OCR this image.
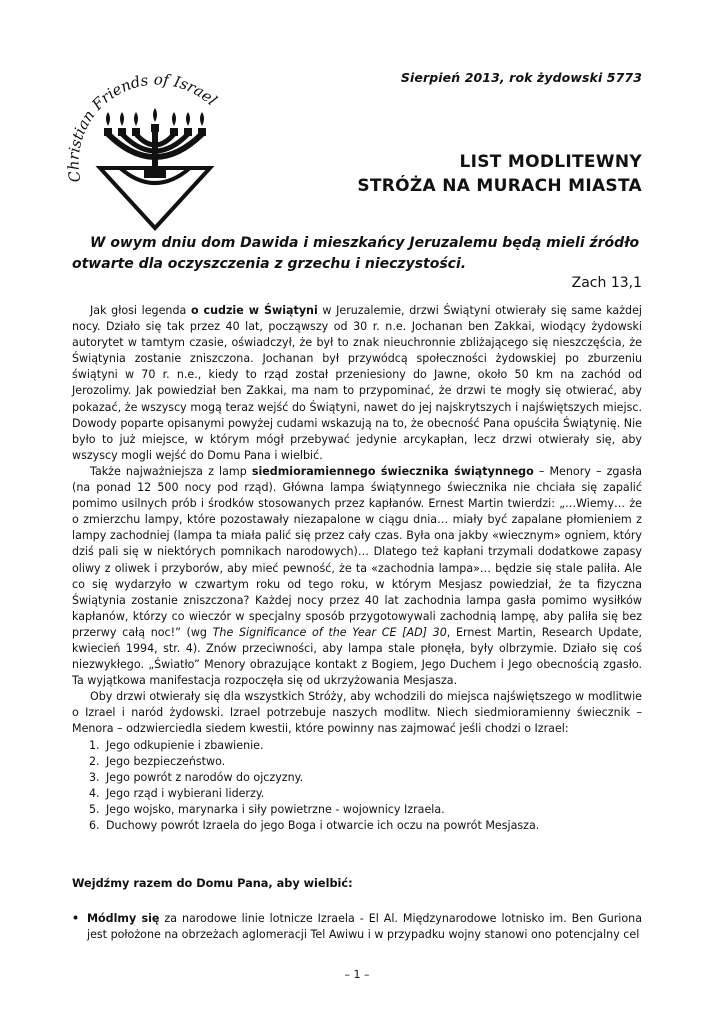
Christian Friends of Israel
Sierpień 2013, rok żydowski 5773
LIST MODLITEWNY
STRÓŻA NA MURACH MIASTA

W owym dniu dom Dawida i mieszkańcy Jeruzalemu będą mieli źródło otwarte dla oczyszczenia z grzechu i nieczystości.

Zach 13,1

Jak głosi legenda o cudzie w Świątyni w Jeruzalemie, drzwi Świątyni otwierały się same każdej nocy. Działo się tak przez 40 lat, począwszy od 30 r. n.e. Jochanan ben Zakkai, wiodący żydowski autorytet w tamtym czasie, oświadczył, że był to znak nieuchronnie zbliżającego się nieszczęścia, że Świątynia zostanie zniszczona. Jochanan był przywódcą społeczności żydowskiej po zburzeniu świątyni w 70 r. n.e., kiedy to rząd został przeniesiony do Jawne, około 50 km na zachód od Jerozolimy. Jak powiedział ben Zakkai, ma nam to przypominać, że drzwi te mogły się otwierać, aby pokazać, że wszyscy mogą teraz wejść do Świątyni, nawet do jej najskrytszych i najświętszych miejsc. Dowody poparte opisanymi powyżej cudami wskazują na to, że obecność Pana opuściła Świątynię. Nie było to już miejsce, w którym mógł przebywać jedynie arcykapłan, lecz drzwi otwierały się, aby wszyscy mogli wejść do Domu Pana i wielbić.

Także najważniejsza z lamp siedmioramiennego świecznika świątynnego – Menory – zgasła (na ponad 12 500 nocy pod rząd). Główna lampa świątynnego świecznika nie chciała się zapalić pomimo usilnych prób i środków stosowanych przez kapłanów. Ernest Martin twierdzi: „…Wiemy… że o zmierzchu lampy, które pozostawały niezapalone w ciągu dnia… miały być zapalane płomieniem z lampy zachodniej (lampa ta miała palić się przez cały czas. Była ona jakby «wiecznym» ogniem, który dziś pali się w niektórych pomnikach narodowych)… Dlatego też kapłani trzymali dodatkowe zapasy oliwy z oliwek i przyborów, aby mieć pewność, że ta «zachodnia lampa»… będzie się stale paliła. Ale co się wydarzyło w czwartym roku od tego roku, w którym Mesjasz powiedział, że ta fizyczna Świątynia zostanie zniszczona? Każdej nocy przez 40 lat zachodnia lampa gasła pomimo wysiłków kapłanów, którzy co wieczór w specjalny sposób przygotowywali zachodnią lampę, aby paliła się bez przerwy całą noc!” (wg The Significance of the Year CE [AD] 30, Ernest Martin, Research Update, kwiecień 1994, str. 4). Znów przeciwności, aby lampa stale płonęła, były olbrzymie. Działo się coś niezwykłego. „Światło” Menory obrazujące kontakt z Bogiem, Jego Duchem i Jego obecnością zgasło. Ta wyjątkowa manifestacja rozpoczęła się od ukrzyżowania Mesjasza.

Oby drzwi otwierały się dla wszystkich Stróży, aby wchodzili do miejsca najświętszego w modlitwie o Izrael i naród żydowski. Izrael potrzebuje naszych modlitw. Niech siedmioramienny świecznik – Menora – odzwierciedla siedem kwestii, które powinny nas zajmować jeśli chodzi o Izrael:

1. Jego odkupienie i zbawienie.
2. Jego bezpieczeństwo.
3. Jego powrót z narodów do ojczyzny.
4. Jego rząd i wybierani liderzy.
5. Jego wojsko, marynarka i siły powietrzne - wojownicy Izraela.
6. Duchowy powrót Izraela do jego Boga i otwarcie ich oczu na powrót Mesjasza.
Wejdźmy razem do Domu Pana, aby wielbić:
• Módlmy się za narodowe linie lotnicze Izraela - El Al. Międzynarodowe lotnisko im. Ben Guriona jest położone na obrzeżach aglomeracji Tel Awiwu i w przypadku wojny stanowi ono potencjalny cel
– 1 –
